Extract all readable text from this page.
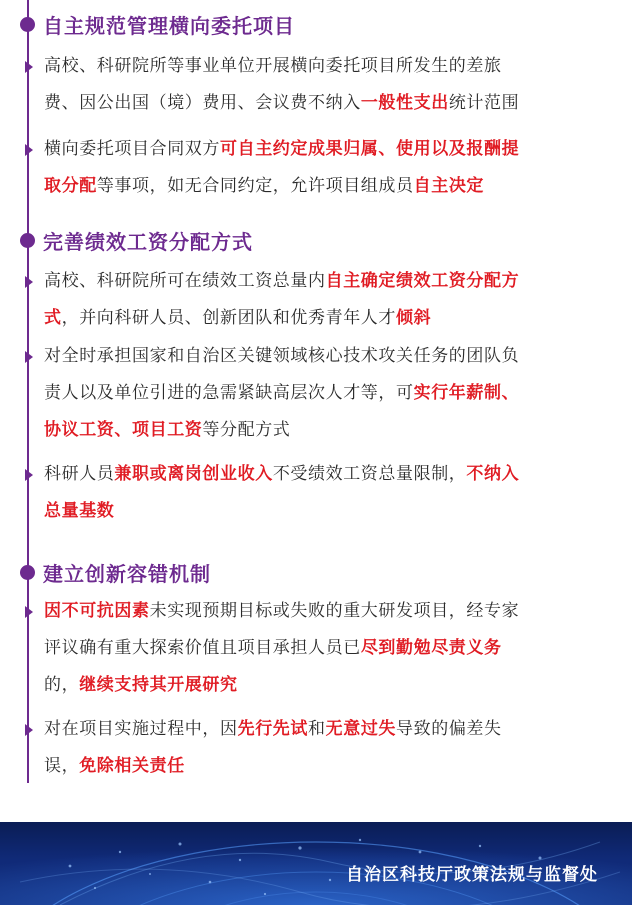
自主规范管理横向委托项目
高校、科研院所等事业单位开展横向委托项目所发生的差旅
费、因公出国（境）费用、会议费不纳入一般性支出统计范围
横向委托项目合同双方可自主约定成果归属、使用以及报酬提
取分配等事项，如无合同约定，允许项目组成员自主决定
完善绩效工资分配方式
高校、科研院所可在绩效工资总量内自主确定绩效工资分配方
式，并向科研人员、创新团队和优秀青年人才倾斜
对全时承担国家和自治区关键领域核心技术攻关任务的团队负
责人以及单位引进的急需紧缺高层次人才等，可实行年薪制、
协议工资、项目工资等分配方式
科研人员兼职或离岗创业收入不受绩效工资总量限制，不纳入
总量基数
建立创新容错机制
因不可抗因素未实现预期目标或失败的重大研发项目，经专家
评议确有重大探索价值且项目承担人员已尽到勤勉尽责义务
的，继续支持其开展研究
对在项目实施过程中，因先行先试和无意过失导致的偏差失
误，免除相关责任
自治区科技厅政策法规与监督处
